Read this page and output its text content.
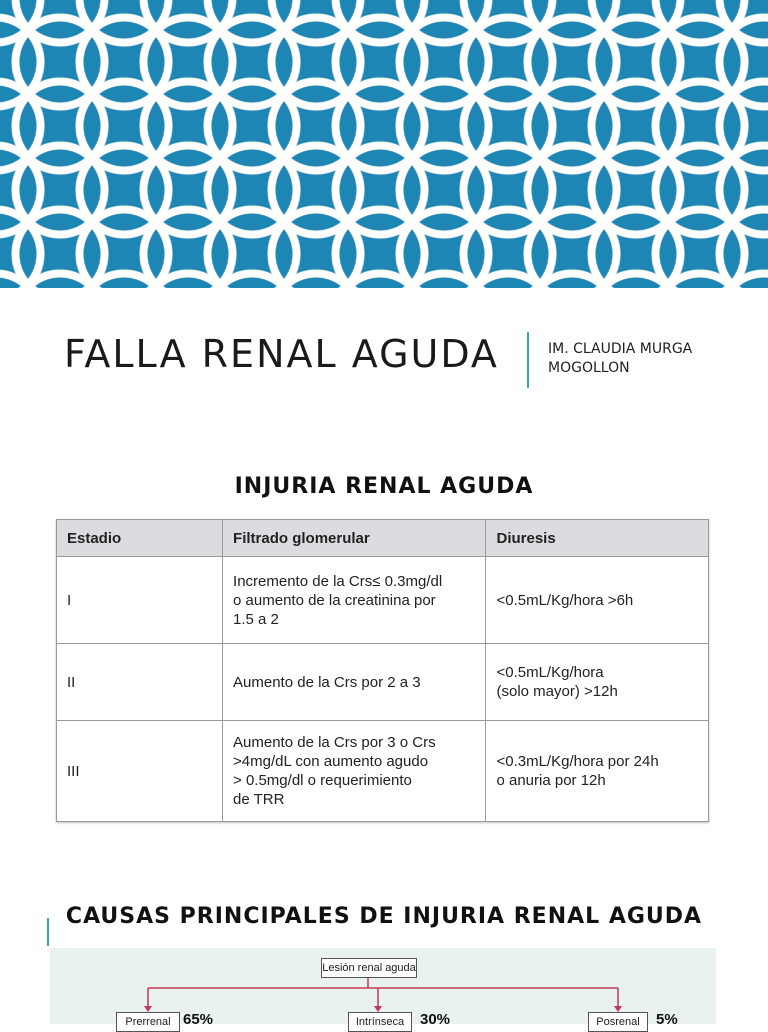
FALLA RENAL AGUDA	IM. CLAUDIA MURGA
MOGOLLON
INJURIA RENAL AGUDA
Estadio	Filtrado glomerular	Diuresis
I	Incremento de la Crs≤ 0.3mg/dl
o aumento de la creatinina por
1.5 a 2	<0.5mL/Kg/hora >6h

II	Aumento de la Crs por 2 a 3	<0.5mL/Kg/hora
(solo mayor) >12h

III	Aumento de la Crs por 3 o Crs
>4mg/dL con aumento agudo
> 0.5mg/dl o requerimiento
de TRR	<0.3mL/Kg/hora por 24h
o anuria por 12h
CAUSAS PRINCIPALES DE INJURIA RENAL AGUDA
Lesión renal aguda
Prerrenal 65%	Intrínseca	30%	Posrenal	5%
